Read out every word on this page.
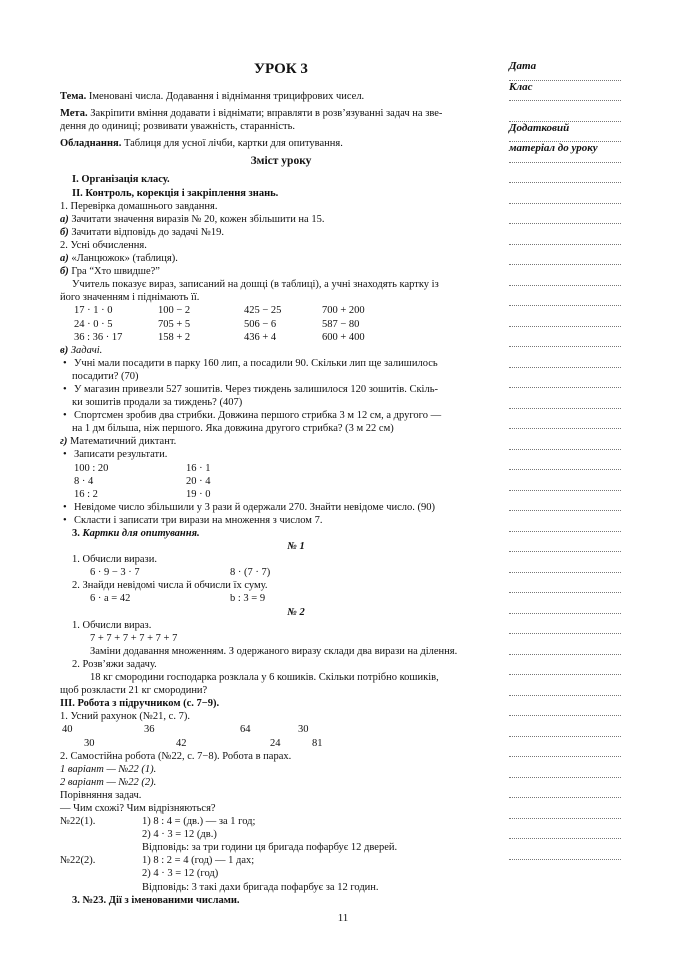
УРОК 3
Тема. Іменовані числа. Додавання і віднімання трицифрових чисел.
Мета. Закріпити вміння додавати і віднімати; вправляти в розв’язуванні задач на зве-
дення до одиниці; розвивати уважність, старанність.
Обладнання. Таблиця для усної лічби, картки для опитування.
Зміст уроку
I. Організація класу.
II. Контроль, корекція і закріплення знань.
1. Перевірка домашнього завдання.
а) Зачитати значення виразів № 20, кожен збільшити на 15.
б) Зачитати відповідь до задачі №19.
2. Усні обчислення.
а) «Ланцюжок» (таблиця).
б) Гра “Хто швидше?”
Учитель показує вираз, записаний на дошці (в таблиці), а учні знаходять картку із
його значенням і піднімають її.
17 · 1 · 0	100 − 2	425 − 25	700 + 200
24 · 0 · 5	705 + 5	506 − 6	587 − 80
36 : 36 · 17	158 + 2	436 + 4	600 + 400
в) Задачі.
• Учні мали посадити в парку 160 лип, а посадили 90. Скільки лип ще залишилось
посадити? (70)
• У магазин привезли 527 зошитів. Через тиждень залишилося 120 зошитів. Скіль-
ки зошитів продали за тиждень? (407)
• Спортсмен зробив два стрибки. Довжина першого стрибка 3 м 12 см, а другого —
на 1 дм більша, ніж першого. Яка довжина другого стрибка? (3 м 22 см)
г) Математичний диктант.
• Записати результати.
100 : 20	16 · 1
8 · 4	20 · 4
16 : 2	19 · 0
• Невідоме число збільшили у 3 рази й одержали 270. Знайти невідоме число. (90)
• Скласти і записати три вирази на множення з числом 7.
3. Картки для опитування.
№ 1
1. Обчисли вирази.
6 · 9 − 3 · 7	8 · (7 · 7)
2. Знайди невідомі числа й обчисли їх суму.
6 · а = 42	b : 3 = 9
№ 2
1. Обчисли вираз.
7 + 7 + 7 + 7 + 7 + 7
Заміни додавання множенням. З одержаного виразу склади два вирази на ділення.
2. Розв’яжи задачу.
18 кг смородини господарка розклала у 6 кошиків. Скільки потрібно кошиків,
щоб розкласти 21 кг смородини?
III. Робота з підручником (с. 7−9).
1. Усний рахунок (№21, с. 7).
40	36	64	30
30	42	24	81
2. Самостійна робота (№22, с. 7−8). Робота в парах.
1 варіант — №22 (1).
2 варіант — №22 (2).
Порівняння задач.
— Чим схожі? Чим відрізняються?
№22(1).	1) 8 : 4 = (дв.) — за 1 год;
2) 4 · 3 = 12 (дв.)
Відповідь: за три години ця бригада пофарбує 12 дверей.
№22(2).	1) 8 : 2 = 4 (год) — 1 дах;
2) 4 · 3 = 12 (год)
Відповідь: 3 такі дахи бригада пофарбує за 12 годин.
3. №23. Дії з іменованими числами.
Дата
Клас
Додатковий
матеріал до уроку
11
